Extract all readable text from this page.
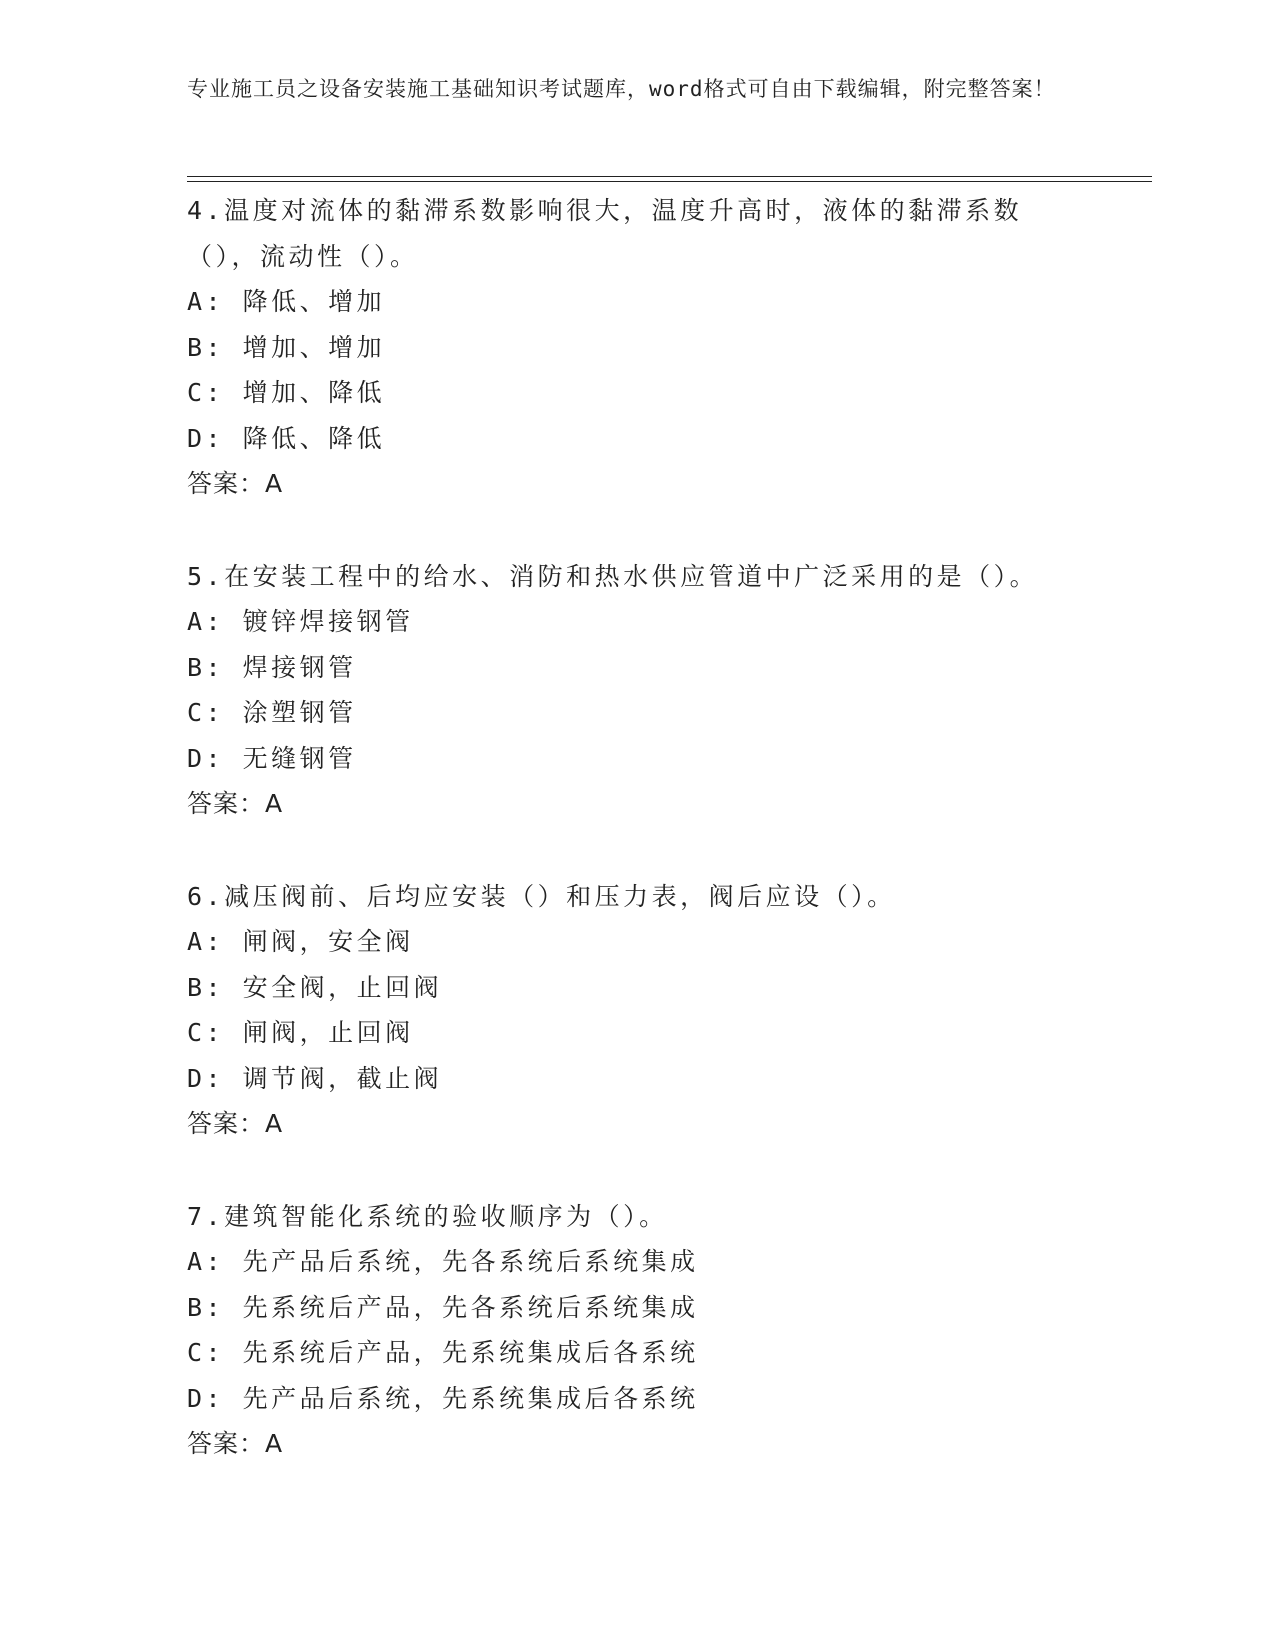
专业施工员之设备安装施工基础知识考试题库，word格式可自由下载编辑，附完整答案！
4.温度对流体的黏滞系数影响很大，温度升高时，液体的黏滞系数（），流动性（）。
A: 降低、增加
B: 增加、增加
C: 增加、降低
D: 降低、降低
答案：A
5.在安装工程中的给水、消防和热水供应管道中广泛采用的是（）。
A: 镀锌焊接钢管
B: 焊接钢管
C: 涂塑钢管
D: 无缝钢管
答案：A
6.减压阀前、后均应安装（）和压力表，阀后应设（）。
A: 闸阀，安全阀
B: 安全阀，止回阀
C: 闸阀，止回阀
D: 调节阀，截止阀
答案：A
7.建筑智能化系统的验收顺序为（）。
A: 先产品后系统，先各系统后系统集成
B: 先系统后产品，先各系统后系统集成
C: 先系统后产品，先系统集成后各系统
D: 先产品后系统，先系统集成后各系统
答案：A
